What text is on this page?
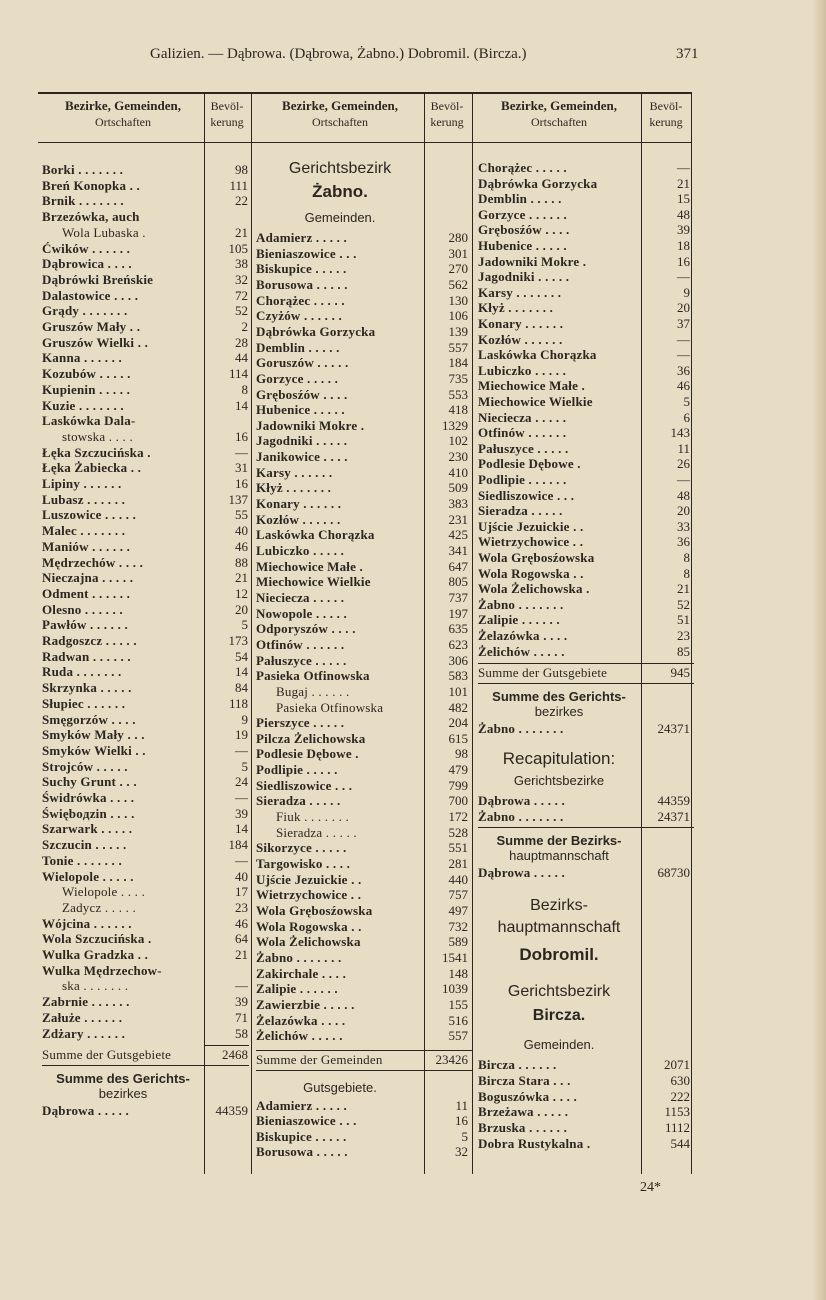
Galizien. — Dąbrowa. (Dąbrowa, Żabno.) Dobromil. (Bircza.)	371
Bezirke, Gemeinden,
Ortschaften
Bevöl-
kerung
Borki . . . . . . .	98
Breń Konopka . .	111
Brnik . . . . . . .	22
Brzezówka, auch
Wola Lubaska .	21
Ćwików . . . . . .	105
Dąbrowica . . . .	38
Dąbrówki Breńskie	32
Dalastowice . . . .	72
Grądy . . . . . . .	52
Gruszów Mały . .	2
Gruszów Wielki . .	28
Kanna . . . . . .	44
Kozubów . . . . .	114
Kupienin . . . . .	8
Kuzie . . . . . . .	14
Laskówka Dala-
stowska . . . .	16
Łęka Szczucińska .	—
Łęka Żabiecka . .	31
Lipiny . . . . . .	16
Lubasz . . . . . .	137
Luszowice . . . . .	55
Malec . . . . . . .	40
Maniów . . . . . .	46
Mędrzechów . . . .	88
Nieczajna . . . . .	21
Odment . . . . . .	12
Olesno . . . . . .	20
Pawłów . . . . . .	5
Radgoszcz . . . . .	173
Radwan . . . . . .	54
Ruda . . . . . . .	14
Skrzynka . . . . .	84
Słupiec . . . . . .	118
Smęgorzów . . . .	9
Smyków Mały . . .	19
Smyków Wielki . .	—
Strojców . . . . .	5
Suchy Grunt . . .	24
Świdrówka . . . .	—
Święboдzin . . . .	39
Szarwark . . . . .	14
Szczucin . . . . .	184
Tonie . . . . . . .	—
Wielopole . . . . .	40
Wielopole . . . .	17
Zadycz . . . . .	23
Wójcina . . . . . .	46
Wola Szczucińska .	64
Wulka Gradzka . .	21
Wulka Mędrzechow-
ska . . . . . . .	—
Zabrnie . . . . . .	39
Załuże . . . . . .	71
Zdżary . . . . . .	58
Summe der Gutsgebiete	2468
Summe des Gerichts-
bezirkes
Dąbrowa . . . . .	44359
Bezirke, Gemeinden,
Ortschaften
Bevöl-
kerung
Gerichtsbezirk
Żabno.
Gemeinden.
Adamierz . . . . .	280
Bieniaszowice . . .	301
Biskupice . . . . .	270
Borusowa . . . . .	562
Chorążec . . . . .	130
Czyżów . . . . . .	106
Dąbrówka Gorzycka	139
Demblin . . . . .	557
Goruszów . . . . .	184
Gorzyce . . . . .	735
Grębosźów . . . .	553
Hubenice . . . . .	418
Jadowniki Mokre .	1329
Jagodniki . . . . .	102
Janikowice . . . .	230
Karsy . . . . . .	410
Kłyż . . . . . . .	509
Konary . . . . . .	383
Kozłów . . . . . .	231
Laskówka Chorązka	425
Lubiczko . . . . .	341
Miechowice Małe .	647
Miechowice Wielkie	805
Nieciecza . . . . .	737
Nowopole . . . . .	197
Odporyszów . . . .	635
Otfinów . . . . . .	623
Pałuszyce . . . . .	306
Pasieka Otfinowska	583
Bugaj . . . . . .	101
Pasieka Otfinowska	482
Pierszyce . . . . .	204
Pilcza Żelichowska	615
Podlesie Dębowe .	98
Podlipie . . . . .	479
Siedliszowice . . .	799
Sieradza . . . . .	700
Fiuk . . . . . . .	172
Sieradza . . . . .	528
Sikorzyce . . . . .	551
Targowisko . . . .	281
Ujście Jezuickie . .	440
Wietrzychowice . .	757
Wola Grębosźowska	497
Wola Rogowska . .	732
Wola Żelichowska	589
Żabno . . . . . . .	1541
Zakirchale . . . .	148
Zalipie . . . . . .	1039
Zawierzbie . . . . .	155
Żelazówka . . . .	516
Żelichów . . . . .	557
Summe der Gemeinden	23426
Gutsgebiete.
Adamierz . . . . .	11
Bieniaszowice . . .	16
Biskupice . . . . .	5
Borusowa . . . . .	32
Bezirke, Gemeinden,
Ortschaften
Bevöl-
kerung
Chorążec . . . . .	—
Dąbrówka Gorzycka	21
Demblin . . . . .	15
Gorzyce . . . . . .	48
Grębosźów . . . .	39
Hubenice . . . . .	18
Jadowniki Mokre .	16
Jagodniki . . . . .	—
Karsy . . . . . . .	9
Kłyż . . . . . . .	20
Konary . . . . . .	37
Kozłów . . . . . .	—
Laskówka Chorązka	—
Lubiczko . . . . .	36
Miechowice Małe .	46
Miechowice Wielkie	5
Nieciecza . . . . .	6
Otfinów . . . . . .	143
Pałuszyce . . . . .	11
Podlesie Dębowe .	26
Podlipie . . . . . .	—
Siedliszowice . . .	48
Sieradza . . . . .	20
Ujście Jezuickie . .	33
Wietrzychowice . .	36
Wola Grębosźowska	8
Wola Rogowska . .	8
Wola Żelichowska .	21
Żabno . . . . . . .	52
Zalipie . . . . . .	51
Żelazówka . . . .	23
Żelichów . . . . .	85
Summe der Gutsgebiete	945
Summe des Gerichts-
bezirkes
Żabno . . . . . . .	24371
Recapitulation:
Gerichtsbezirke
Dąbrowa . . . . .	44359
Żabno . . . . . . .	24371
Summe der Bezirks-
hauptmannschaft
Dąbrowa . . . . .	68730
Bezirks-
hauptmannschaft
Dobromil.
Gerichtsbezirk
Bircza.
Gemeinden.
Bircza . . . . . .	2071
Bircza Stara . . .	630
Boguszówka . . . .	222
Brzeżawa . . . . .	1153
Brzuska . . . . . .	1112
Dobra Rustykalna .	544
24*
